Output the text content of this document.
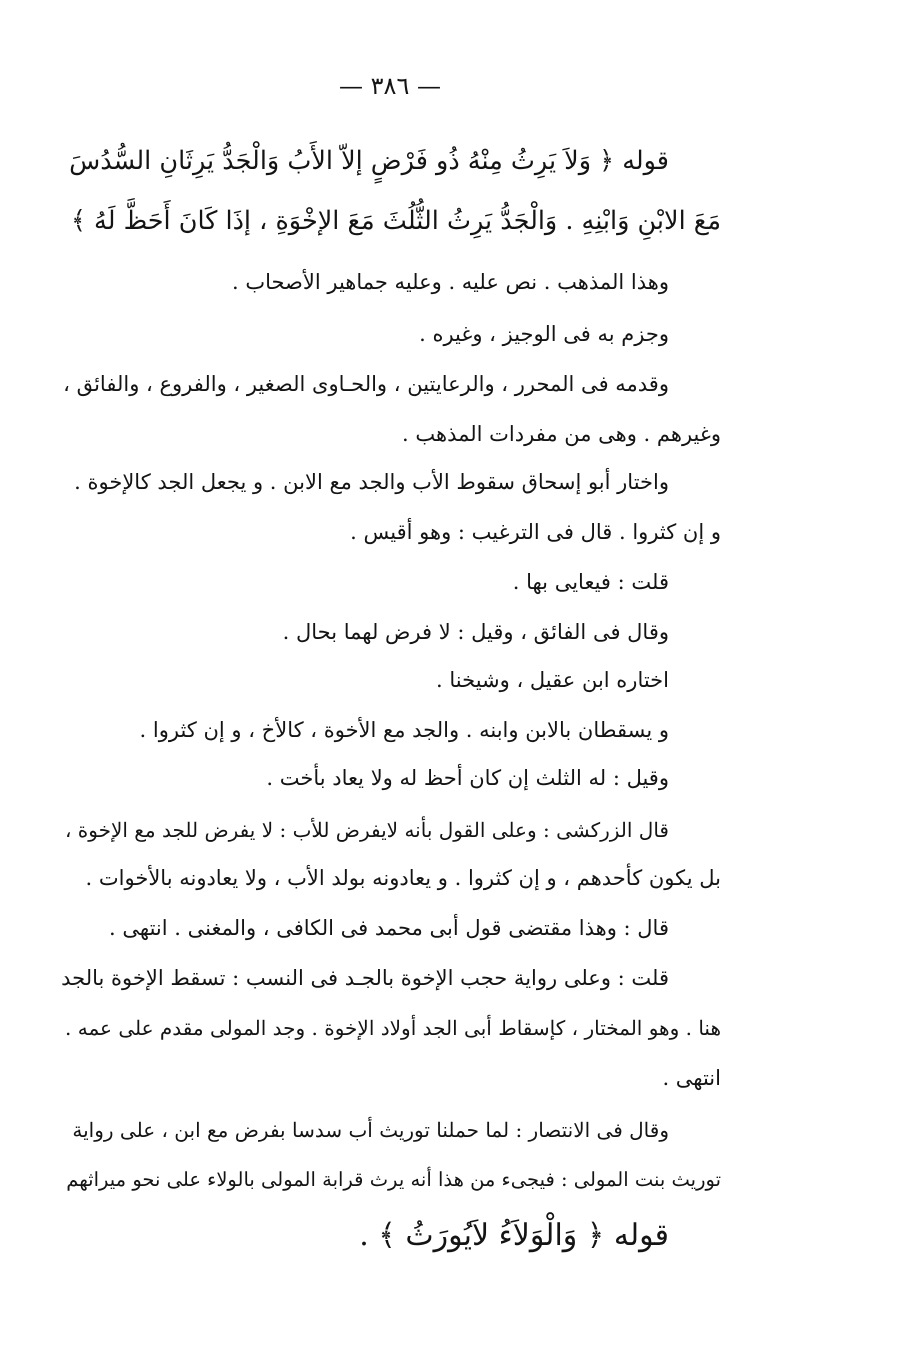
— ٣٨٦ —
قوله ﴿ وَلاَ يَرِثُ مِنْهُ ذُو فَرْضٍ إلاّ الأَبُ وَالْجَدُّ يَرِثَانِ السُّدُسَ
مَعَ الابْنِ وَابْنِهِ . وَالْجَدُّ يَرِثُ الثُّلُثَ مَعَ الإخْوَةِ ، إذَا كَانَ أَحَظَّ لَهُ ﴾
وهذا المذهب . نص عليه . وعليه جماهير الأصحاب .
وجزم به فى الوجيز ، وغيره .
وقدمه فى المحرر ، والرعايتين ، والحـاوى الصغير ، والفروع ، والفائق ،
وغيرهم . وهى من مفردات المذهب .
واختار أبو إسحاق سقوط الأب والجد مع الابن . و يجعل الجد كالإخوة .
و إن كثروا . قال فى الترغيب : وهو أقيس .
قلت : فيعايى بها .
وقال فى الفائق ، وقيل : لا فرض لهما بحال .
اختاره ابن عقيل ، وشيخنا .
و يسقطان بالابن وابنه . والجد مع الأخوة ، كالأخ ، و إن كثروا .
وقيل : له الثلث إن كان أحظ له ولا يعاد بأخت .
قال الزركشى : وعلى القول بأنه لايفرض للأب : لا يفرض للجد مع الإخوة ،
بل يكون كأحدهم ، و إن كثروا . و يعادونه بولد الأب ، ولا يعادونه بالأخوات .
قال : وهذا مقتضى قول أبى محمد فى الكافى ، والمغنى . انتهى .
قلت : وعلى رواية حجب الإخوة بالجـد فى النسب : تسقط الإخوة بالجد
هنا . وهو المختار ، كإسقاط أبى الجد أولاد الإخوة . وجد المولى مقدم على عمه .
انتهى .
وقال فى الانتصار : لما حملنا توريث أب سدسا بفرض مع ابن ، على رواية
توريث بنت المولى : فيجىء من هذا أنه يرث قرابة المولى بالولاء على نحو ميراثهم
قوله ﴿ وَالْوَلاَءُ لاَيُورَثُ ﴾ .
